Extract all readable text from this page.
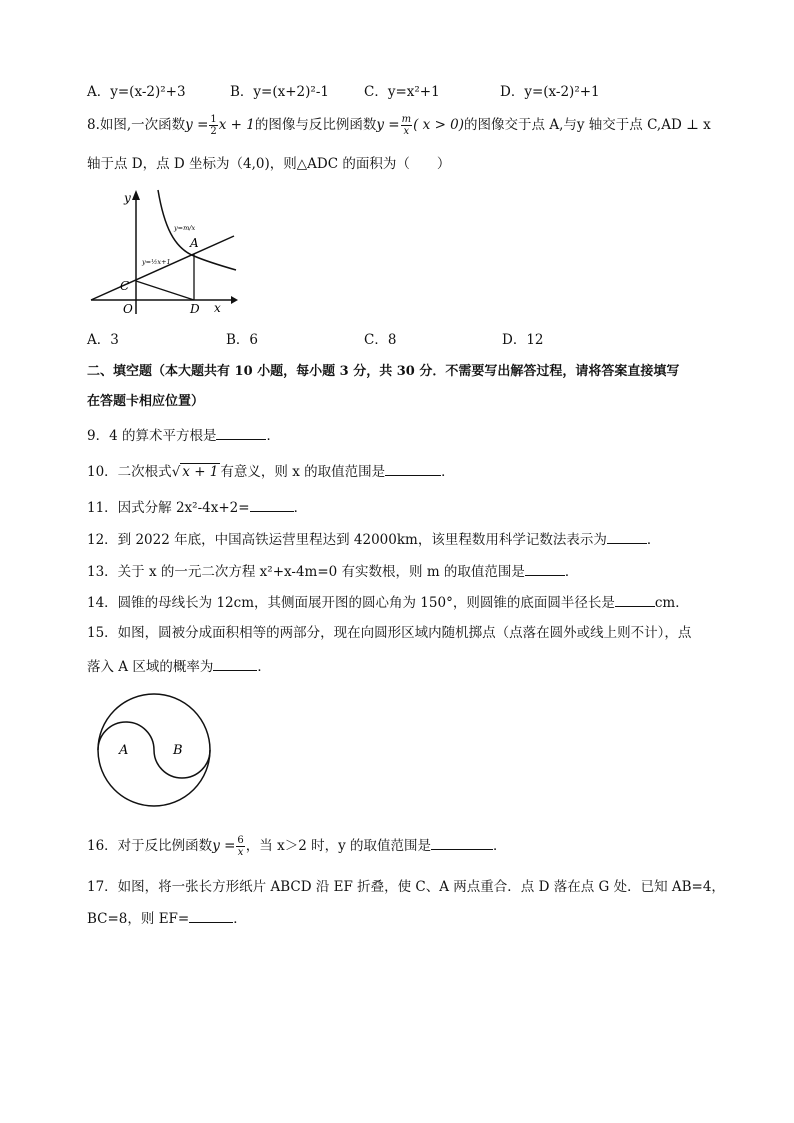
A．y=(x-2)²+3	B．y=(x+2)²-1	C．y=x²+1	D．y=(x-2)²+1
8.如图,一次函数$y = \frac{1}{2}$ x + 1的图像与反比例函数$y = \frac{m}{x}$ ( x > 0)的图像交于点 A,与y 轴交于点 C,AD ⊥ x
轴于点 D，点 D 坐标为（4,0)，则△ADC 的面积为（　　）
y
x
C
O	D
A
y=m/x
y=½x+1
A．3	B．6	C．8	D．12
二、填空题（本大题共有 10 小题，每小题 3 分，共 30 分．不需要写出解答过程，请将答案直接填写
在答题卡相应位置）
9．4 的算术平方根是	．
10．二次根式√ x + 1 有意义，则 x 的取值范围是	．
11．因式分解 2x²-4x+2=	．
12．到 2022 年底，中国高铁运营里程达到 42000km，该里程数用科学记数法表示为	．
13．关于 x 的一元二次方程 x²+x-4m=0 有实数根，则 m 的取值范围是	．
14．圆锥的母线长为 12cm，其侧面展开图的圆心角为 150°，则圆锥的底面圆半径长是	cm．
15．如图，圆被分成面积相等的两部分，现在向圆形区域内随机掷点（点落在圆外或线上则不计），点
落入 A 区域的概率为	．
A	B
16．对于反比例函数$y = \frac{6}{x}$ ，当 x＞2 时，y 的取值范围是	．
17．如图，将一张长方形纸片 ABCD 沿 EF 折叠，使 C、A 两点重合．点 D 落在点 G 处．已知 AB=4，
BC=8，则 EF=	．
